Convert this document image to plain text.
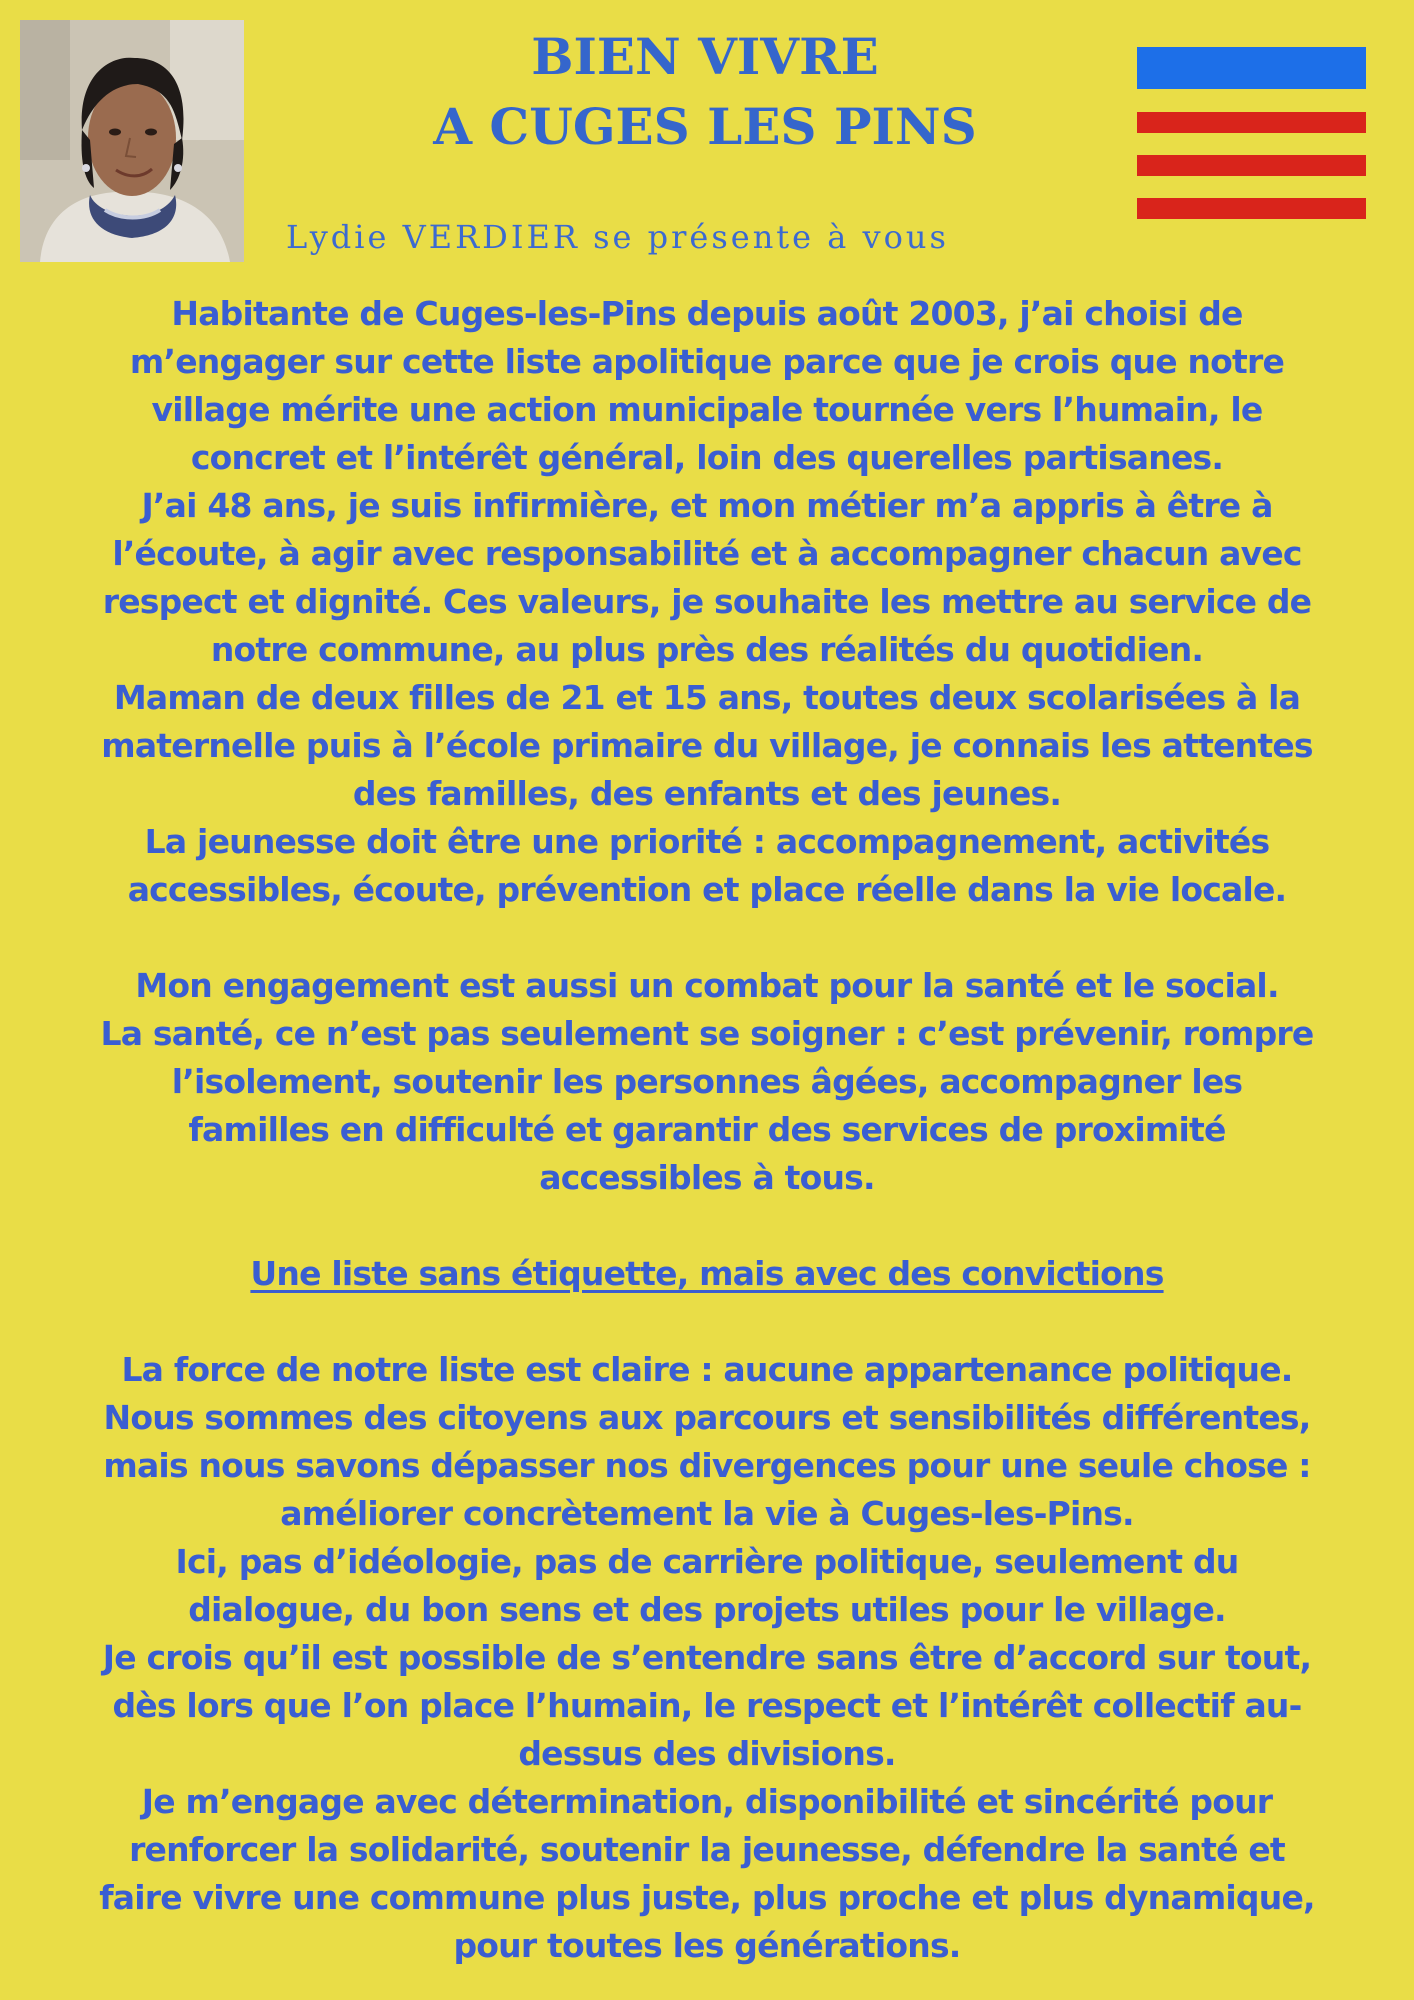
BIEN VIVRE
A CUGES LES PINS

Lydie VERDIER se présente à vous

Habitante de Cuges-les-Pins depuis août 2003, j’ai choisi de
m’engager sur cette liste apolitique parce que je crois que notre
village mérite une action municipale tournée vers l’humain, le
concret et l’intérêt général, loin des querelles partisanes.
J’ai 48 ans, je suis infirmière, et mon métier m’a appris à être à
l’écoute, à agir avec responsabilité et à accompagner chacun avec
respect et dignité. Ces valeurs, je souhaite les mettre au service de
notre commune, au plus près des réalités du quotidien.
Maman de deux filles de 21 et 15 ans, toutes deux scolarisées à la
maternelle puis à l’école primaire du village, je connais les attentes
des familles, des enfants et des jeunes.
La jeunesse doit être une priorité : accompagnement, activités
accessibles, écoute, prévention et place réelle dans la vie locale.
Mon engagement est aussi un combat pour la santé et le social.
La santé, ce n’est pas seulement se soigner : c’est prévenir, rompre
l’isolement, soutenir les personnes âgées, accompagner les
familles en difficulté et garantir des services de proximité
accessibles à tous.
Une liste sans étiquette, mais avec des convictions
La force de notre liste est claire : aucune appartenance politique.
Nous sommes des citoyens aux parcours et sensibilités différentes,
mais nous savons dépasser nos divergences pour une seule chose :
améliorer concrètement la vie à Cuges-les-Pins.
Ici, pas d’idéologie, pas de carrière politique, seulement du
dialogue, du bon sens et des projets utiles pour le village.
Je crois qu’il est possible de s’entendre sans être d’accord sur tout,
dès lors que l’on place l’humain, le respect et l’intérêt collectif au-
dessus des divisions.
Je m’engage avec détermination, disponibilité et sincérité pour
renforcer la solidarité, soutenir la jeunesse, défendre la santé et
faire vivre une commune plus juste, plus proche et plus dynamique,
pour toutes les générations.
